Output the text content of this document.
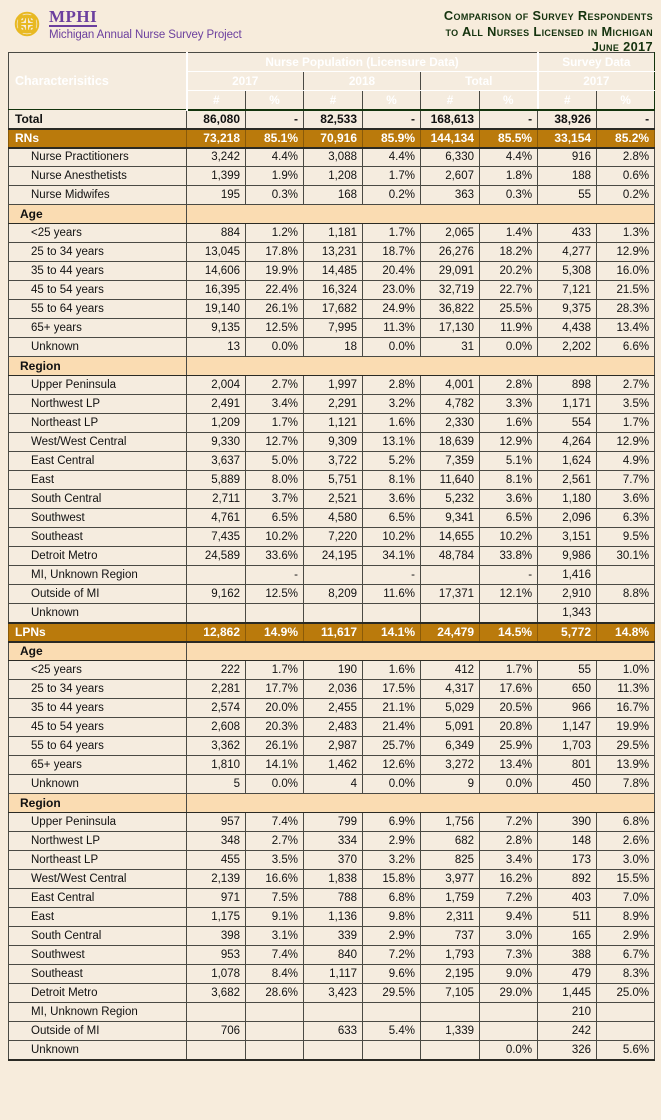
MPHI
Michigan Annual Nurse Survey Project
Comparison of Survey Respondents
to All Nurses Licensed in Michigan
June 2017
Characterisitics	Nurse Population (Licensure Data)						Survey Data	
	2017		2018		Total		2017	
	#	%	#	%	#	%	#	%
Total	86,080	-	82,533	-	168,613	-	38,926	-
RNs	73,218	85.1%	70,916	85.9%	144,134	85.5%	33,154	85.2%
Nurse Practitioners	3,242	4.4%	3,088	4.4%	6,330	4.4%	916	2.8%
Nurse Anesthetists	1,399	1.9%	1,208	1.7%	2,607	1.8%	188	0.6%
Nurse Midwifes	195	0.3%	168	0.2%	363	0.3%	55	0.2%
Age								
<25 years	884	1.2%	1,181	1.7%	2,065	1.4%	433	1.3%
25 to 34 years	13,045	17.8%	13,231	18.7%	26,276	18.2%	4,277	12.9%
35 to 44 years	14,606	19.9%	14,485	20.4%	29,091	20.2%	5,308	16.0%
45 to 54 years	16,395	22.4%	16,324	23.0%	32,719	22.7%	7,121	21.5%
55 to 64 years	19,140	26.1%	17,682	24.9%	36,822	25.5%	9,375	28.3%
65+ years	9,135	12.5%	7,995	11.3%	17,130	11.9%	4,438	13.4%
Unknown	13	0.0%	18	0.0%	31	0.0%	2,202	6.6%
Region								
Upper Peninsula	2,004	2.7%	1,997	2.8%	4,001	2.8%	898	2.7%
Northwest LP	2,491	3.4%	2,291	3.2%	4,782	3.3%	1,171	3.5%
Northeast LP	1,209	1.7%	1,121	1.6%	2,330	1.6%	554	1.7%
West/West Central	9,330	12.7%	9,309	13.1%	18,639	12.9%	4,264	12.9%
East Central	3,637	5.0%	3,722	5.2%	7,359	5.1%	1,624	4.9%
East	5,889	8.0%	5,751	8.1%	11,640	8.1%	2,561	7.7%
South Central	2,711	3.7%	2,521	3.6%	5,232	3.6%	1,180	3.6%
Southwest	4,761	6.5%	4,580	6.5%	9,341	6.5%	2,096	6.3%
Southeast	7,435	10.2%	7,220	10.2%	14,655	10.2%	3,151	9.5%
Detroit Metro	24,589	33.6%	24,195	34.1%	48,784	33.8%	9,986	30.1%
MI, Unknown Region		-		-		-	1,416	
Outside of MI	9,162	12.5%	8,209	11.6%	17,371	12.1%	2,910	8.8%
Unknown							1,343	
LPNs	12,862	14.9%	11,617	14.1%	24,479	14.5%	5,772	14.8%
Age								
<25 years	222	1.7%	190	1.6%	412	1.7%	55	1.0%
25 to 34 years	2,281	17.7%	2,036	17.5%	4,317	17.6%	650	11.3%
35 to 44 years	2,574	20.0%	2,455	21.1%	5,029	20.5%	966	16.7%
45 to 54 years	2,608	20.3%	2,483	21.4%	5,091	20.8%	1,147	19.9%
55 to 64 years	3,362	26.1%	2,987	25.7%	6,349	25.9%	1,703	29.5%
65+ years	1,810	14.1%	1,462	12.6%	3,272	13.4%	801	13.9%
Unknown	5	0.0%	4	0.0%	9	0.0%	450	7.8%
Region								
Upper Peninsula	957	7.4%	799	6.9%	1,756	7.2%	390	6.8%
Northwest LP	348	2.7%	334	2.9%	682	2.8%	148	2.6%
Northeast LP	455	3.5%	370	3.2%	825	3.4%	173	3.0%
West/West Central	2,139	16.6%	1,838	15.8%	3,977	16.2%	892	15.5%
East Central	971	7.5%	788	6.8%	1,759	7.2%	403	7.0%
East	1,175	9.1%	1,136	9.8%	2,311	9.4%	511	8.9%
South Central	398	3.1%	339	2.9%	737	3.0%	165	2.9%
Southwest	953	7.4%	840	7.2%	1,793	7.3%	388	6.7%
Southeast	1,078	8.4%	1,117	9.6%	2,195	9.0%	479	8.3%
Detroit Metro	3,682	28.6%	3,423	29.5%	7,105	29.0%	1,445	25.0%
MI, Unknown Region							210	
Outside of MI	706		633	5.4%	1,339		242	
Unknown						0.0%	326	5.6%
